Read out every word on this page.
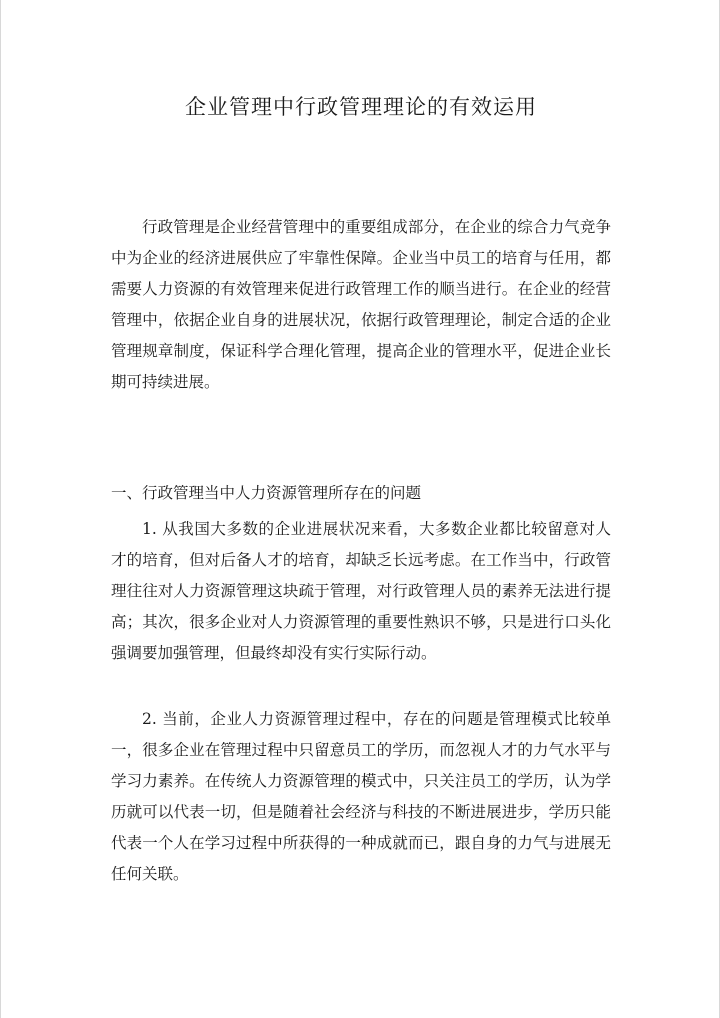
企业管理中行政管理理论的有效运用

行政管理是企业经营管理中的重要组成部分，在企业的综合力气竞争中为企业的经济进展供应了牢靠性保障。企业当中员工的培育与任用，都需要人力资源的有效管理来促进行政管理工作的顺当进行。在企业的经营管理中，依据企业自身的进展状况，依据行政管理理论，制定合适的企业管理规章制度，保证科学合理化管理，提高企业的管理水平，促进企业长期可持续进展。

一、行政管理当中人力资源管理所存在的问题

1. 从我国大多数的企业进展状况来看，大多数企业都比较留意对人才的培育，但对后备人才的培育，却缺乏长远考虑。在工作当中，行政管理往往对人力资源管理这块疏于管理，对行政管理人员的素养无法进行提高；其次，很多企业对人力资源管理的重要性熟识不够，只是进行口头化强调要加强管理，但最终却没有实行实际行动。

2. 当前，企业人力资源管理过程中，存在的问题是管理模式比较单一，很多企业在管理过程中只留意员工的学历，而忽视人才的力气水平与学习力素养。在传统人力资源管理的模式中，只关注员工的学历，认为学历就可以代表一切，但是随着社会经济与科技的不断进展进步，学历只能代表一个人在学习过程中所获得的一种成就而已，跟自身的力气与进展无任何关联。
